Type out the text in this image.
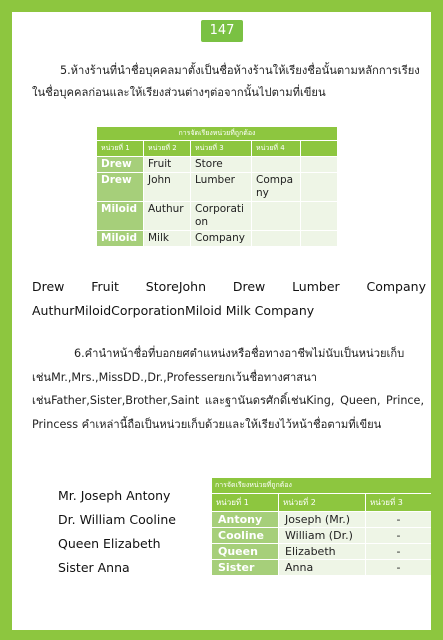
147
5.ห้างร้านที่นำชื่อบุคคลมาตั้งเป็นชื่อห้างร้านให้เรียงชื่อนั้นตามหลักการเรียงในชื่อบุคคลก่อนและให้เรียงส่วนต่างๆต่อจากนั้นไปตามที่เขียน
การจัดเรียงหน่วยที่ถูกต้อง				
หน่วยที่ 1	หน่วยที่ 2	หน่วยที่ 3	หน่วยที่ 4	
Drew	Fruit	Store		
Drew	John	Lumber	Company	
Miloid	Authur	Corporation		
Miloid	Milk	Company		
Drew Fruit StoreJohn Drew Lumber Company
AuthurMiloidCorporationMiloid Milk Company
6.คำนำหน้าชื่อที่บอกยศตำแหน่งหรือชื่อทางอาชีพไม่นับเป็นหน่วยเก็บเช่นMr.,Mrs.,MissDD.,Dr.,Professerยกเว้นชื่อทางศาสนาเช่นFather,Sister,Brother,Saint และฐานันดรศักดิ์เช่นKing, Queen, Prince, Princess คำเหล่านี้ถือเป็นหน่วยเก็บด้วยและให้เรียงไว้หน้าชื่อตามที่เขียน
Mr. Joseph Antony
Dr. William Cooline
Queen Elizabeth
Sister Anna
การจัดเรียงหน่วยที่ถูกต้อง		
หน่วยที่ 1	หน่วยที่ 2	หน่วยที่ 3
Antony	Joseph (Mr.)	-
Cooline	William (Dr.)	-
Queen	Elizabeth	-
Sister	Anna	-
